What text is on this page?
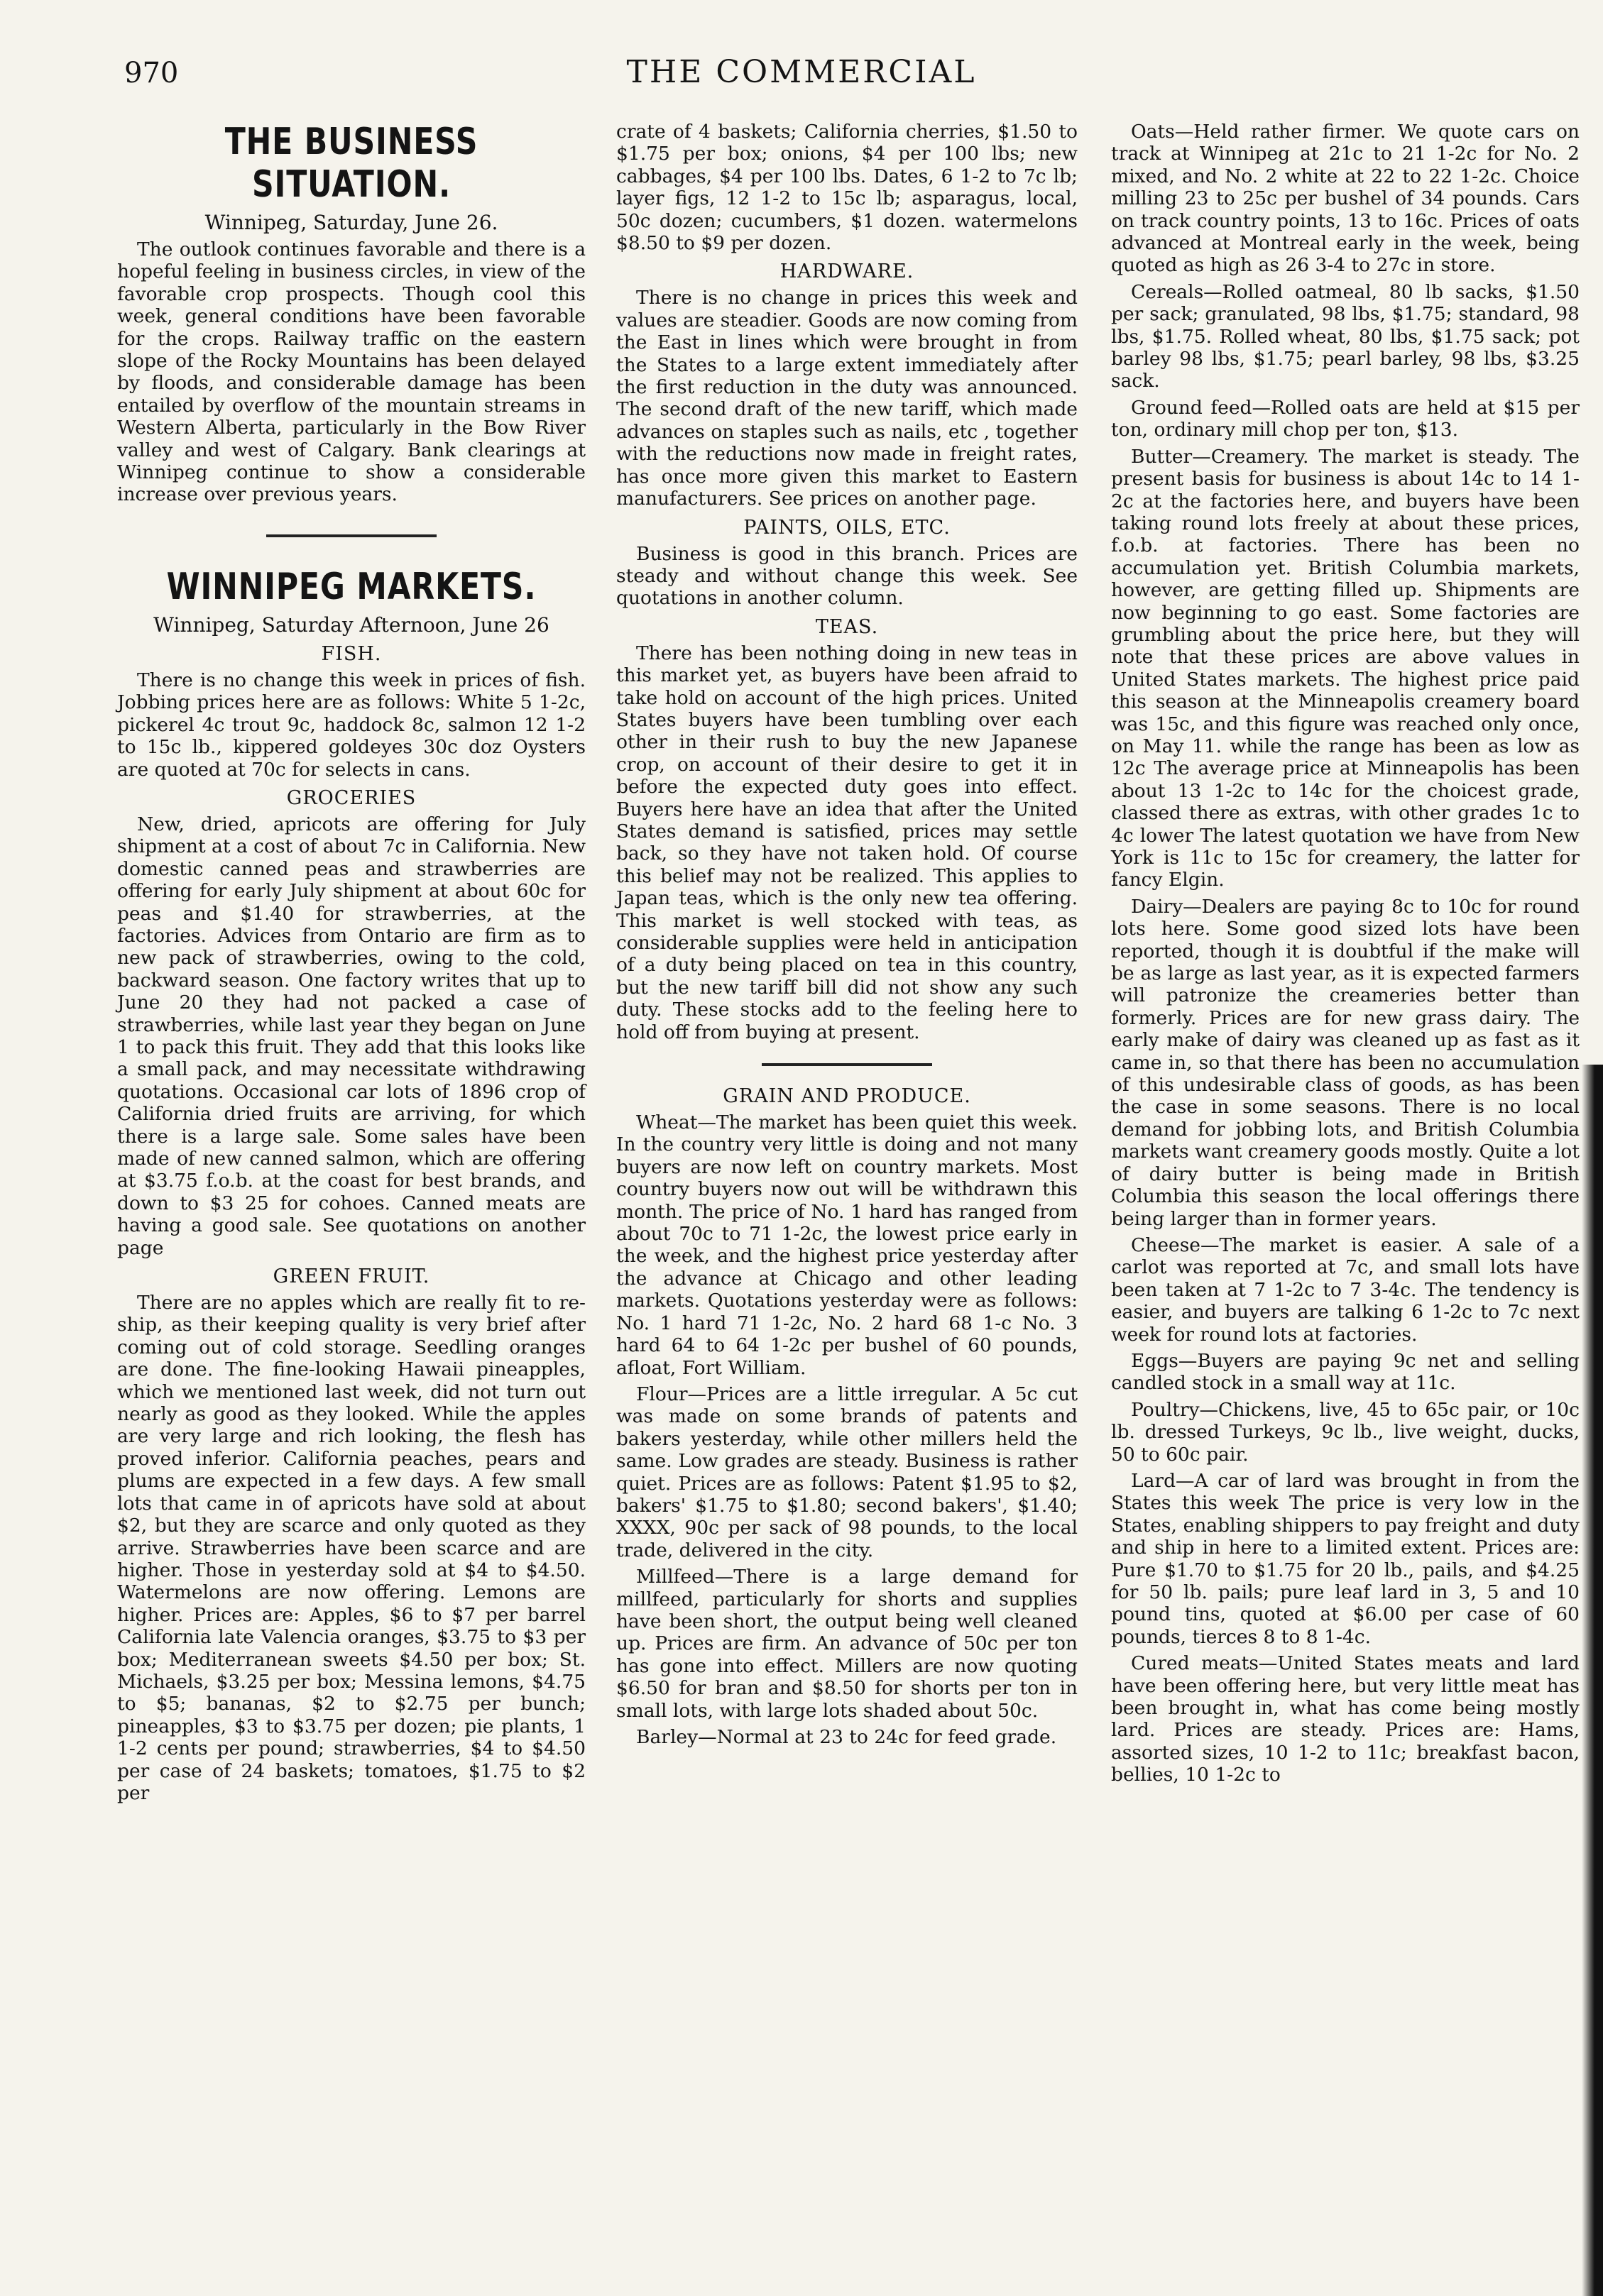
970	THE COMMERCIAL
THE BUSINESS SITUATION.
Winnipeg, Saturday, June 26.

The outlook continues favorable and there is a hopeful feeling in business circles, in view of the favorable crop prospects. Though cool this week, general conditions have been favorable for the crops. Railway traffic on the eastern slope of the Rocky Mountains has been delayed by floods, and considerable damage has been entailed by overflow of the mountain streams in Western Alberta, particularly in the Bow River valley and west of Calgary. Bank clearings at Winnipeg continue to show a considerable increase over previous years.

WINNIPEG MARKETS.
Winnipeg, Saturday Afternoon, June 26
FISH.

There is no change this week in prices of fish. Jobbing prices here are as follows: White 5 1-2c, pickerel 4c trout 9c, haddock 8c, salmon 12 1-2 to 15c lb., kippered goldeyes 30c doz Oysters are quoted at 70c for selects in cans.

GROCERIES

New, dried, apricots are offering for July shipment at a cost of about 7c in California. New domestic canned peas and strawberries are offering for early July shipment at about 60c for peas and $1.40 for strawberries, at the factories. Advices from Ontario are firm as to new pack of strawberries, owing to the cold, backward season. One factory writes that up to June 20 they had not packed a case of strawberries, while last year they began on June 1 to pack this fruit. They add that this looks like a small pack, and may necessitate withdrawing quotations. Occasional car lots of 1896 crop of California dried fruits are arriving, for which there is a large sale. Some sales have been made of new canned salmon, which are offering at $3.75 f.o.b. at the coast for best brands, and down to $3 25 for cohoes. Canned meats are having a good sale. See quotations on another page

GREEN FRUIT.

There are no apples which are really fit to re-ship, as their keeping quality is very brief after coming out of cold storage. Seedling oranges are done. The fine-looking Hawaii pineapples, which we mentioned last week, did not turn out nearly as good as they looked. While the apples are very large and rich looking, the flesh has proved inferior. California peaches, pears and plums are expected in a few days. A few small lots that came in of apricots have sold at about $2, but they are scarce and only quoted as they arrive. Strawberries have been scarce and are higher. Those in yesterday sold at $4 to $4.50. Watermelons are now offering. Lemons are higher. Prices are: Apples, $6 to $7 per barrel California late Valencia oranges, $3.75 to $3 per box; Mediterranean sweets $4.50 per box; St. Michaels, $3.25 per box; Messina lemons, $4.75 to $5; bananas, $2 to $2.75 per bunch; pineapples, $3 to $3.75 per dozen; pie plants, 1 1-2 cents per pound; strawberries, $4 to $4.50 per case of 24 baskets; tomatoes, $1.75 to $2 per

crate of 4 baskets; California cherries, $1.50 to $1.75 per box; onions, $4 per 100 lbs; new cabbages, $4 per 100 lbs. Dates, 6 1-2 to 7c lb; layer figs, 12 1-2 to 15c lb; asparagus, local, 50c dozen; cucumbers, $1 dozen. watermelons $8.50 to $9 per dozen.

HARDWARE.

There is no change in prices this week and values are steadier. Goods are now coming from the East in lines which were brought in from the States to a large extent immediately after the first reduction in the duty was announced. The second draft of the new tariff, which made advances on staples such as nails, etc , together with the reductions now made in freight rates, has once more given this market to Eastern manufacturers. See prices on another page.

PAINTS, OILS, ETC.

Business is good in this branch. Prices are steady and without change this week. See quotations in another column.

TEAS.

There has been nothing doing in new teas in this market yet, as buyers have been afraid to take hold on account of the high prices. United States buyers have been tumbling over each other in their rush to buy the new Japanese crop, on account of their desire to get it in before the expected duty goes into effect. Buyers here have an idea that after the United States demand is satisfied, prices may settle back, so they have not taken hold. Of course this belief may not be realized. This applies to Japan teas, which is the only new tea offering. This market is well stocked with teas, as considerable supplies were held in anticipation of a duty being placed on tea in this country, but the new tariff bill did not show any such duty. These stocks add to the feeling here to hold off from buying at present.

GRAIN AND PRODUCE.

Wheat—The market has been quiet this week. In the country very little is doing and not many buyers are now left on country markets. Most country buyers now out will be withdrawn this month. The price of No. 1 hard has ranged from about 70c to 71 1-2c, the lowest price early in the week, and the highest price yesterday after the advance at Chicago and other leading markets. Quotations yesterday were as follows: No. 1 hard 71 1-2c, No. 2 hard 68 1-c No. 3 hard 64 to 64 1-2c per bushel of 60 pounds, afloat, Fort William.

Flour—Prices are a little irregular. A 5c cut was made on some brands of patents and bakers yesterday, while other millers held the same. Low grades are steady. Business is rather quiet. Prices are as follows: Patent $1.95 to $2, bakers' $1.75 to $1.80; second bakers', $1.40; XXXX, 90c per sack of 98 pounds, to the local trade, delivered in the city.

Millfeed—There is a large demand for millfeed, particularly for shorts and supplies have been short, the output being well cleaned up. Prices are firm. An advance of 50c per ton has gone into effect. Millers are now quoting $6.50 for bran and $8.50 for shorts per ton in small lots, with large lots shaded about 50c.

Barley—Normal at 23 to 24c for feed grade.

Oats—Held rather firmer. We quote cars on track at Winnipeg at 21c to 21 1-2c for No. 2 mixed, and No. 2 white at 22 to 22 1-2c. Choice milling 23 to 25c per bushel of 34 pounds. Cars on track country points, 13 to 16c. Prices of oats advanced at Montreal early in the week, being quoted as high as 26 3-4 to 27c in store.

Cereals—Rolled oatmeal, 80 lb sacks, $1.50 per sack; granulated, 98 lbs, $1.75; standard, 98 lbs, $1.75. Rolled wheat, 80 lbs, $1.75 sack; pot barley 98 lbs, $1.75; pearl barley, 98 lbs, $3.25 sack.

Ground feed—Rolled oats are held at $15 per ton, ordinary mill chop per ton, $13.

Butter—Creamery. The market is steady. The present basis for business is about 14c to 14 1-2c at the factories here, and buyers have been taking round lots freely at about these prices, f.o.b. at factories. There has been no accumulation yet. British Columbia markets, however, are getting filled up. Shipments are now beginning to go east. Some factories are grumbling about the price here, but they will note that these prices are above values in United States markets. The highest price paid this season at the Minneapolis creamery board was 15c, and this figure was reached only once, on May 11. while the range has been as low as 12c The average price at Minneapolis has been about 13 1-2c to 14c for the choicest grade, classed there as extras, with other grades 1c to 4c lower The latest quotation we have from New York is 11c to 15c for creamery, the latter for fancy Elgin.

Dairy—Dealers are paying 8c to 10c for round lots here. Some good sized lots have been reported, though it is doubtful if the make will be as large as last year, as it is expected farmers will patronize the creameries better than formerly. Prices are for new grass dairy. The early make of dairy was cleaned up as fast as it came in, so that there has been no accumulation of this undesirable class of goods, as has been the case in some seasons. There is no local demand for jobbing lots, and British Columbia markets want creamery goods mostly. Quite a lot of dairy butter is being made in British Columbia this season the local offerings there being larger than in former years.

Cheese—The market is easier. A sale of a carlot was reported at 7c, and small lots have been taken at 7 1-2c to 7 3-4c. The tendency is easier, and buyers are talking 6 1-2c to 7c next week for round lots at factories.

Eggs—Buyers are paying 9c net and selling candled stock in a small way at 11c.

Poultry—Chickens, live, 45 to 65c pair, or 10c lb. dressed Turkeys, 9c lb., live weight, ducks, 50 to 60c pair.

Lard—A car of lard was brought in from the States this week The price is very low in the States, enabling shippers to pay freight and duty and ship in here to a limited extent. Prices are: Pure $1.70 to $1.75 for 20 lb., pails, and $4.25 for 50 lb. pails; pure leaf lard in 3, 5 and 10 pound tins, quoted at $6.00 per case of 60 pounds, tierces 8 to 8 1-4c.

Cured meats—United States meats and lard have been offering here, but very little meat has been brought in, what has come being mostly lard. Prices are steady. Prices are: Hams, assorted sizes, 10 1-2 to 11c; breakfast bacon, bellies, 10 1-2c to
